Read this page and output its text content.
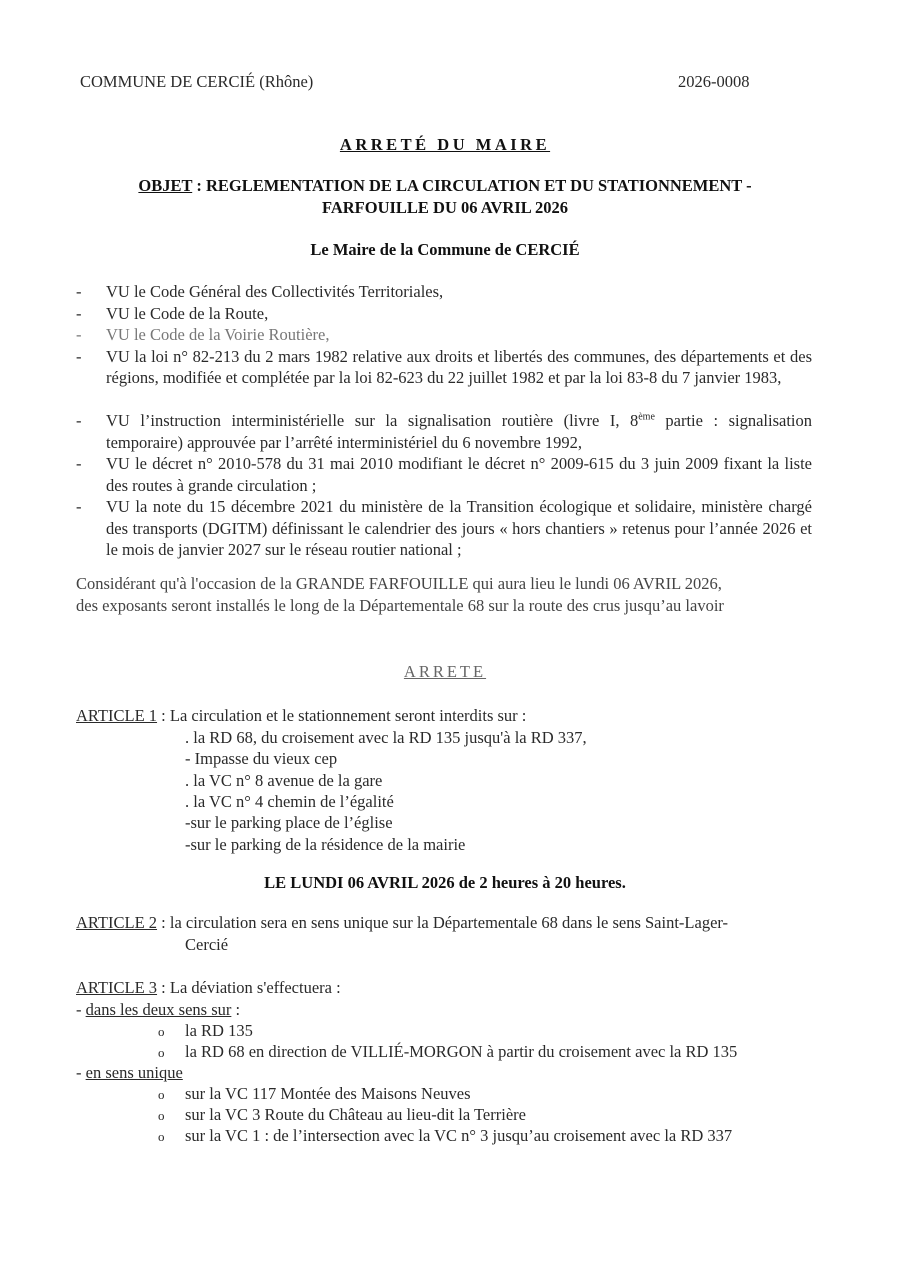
COMMUNE DE CERCIÉ (Rhône)	2026-0008
ARRETÉ DU MAIRE
OBJET : REGLEMENTATION DE LA CIRCULATION ET DU STATIONNEMENT -
FARFOUILLE DU 06 AVRIL 2026
Le Maire de la Commune de CERCIÉ
- VU le Code Général des Collectivités Territoriales,
- VU le Code de la Route,
- VU le Code de la Voirie Routière,
- VU la loi n° 82-213 du 2 mars 1982 relative aux droits et libertés des communes, des départements et des régions, modifiée et complétée par la loi 82-623 du 22 juillet 1982 et par la loi 83-8 du 7 janvier 1983,
- VU l’instruction interministérielle sur la signalisation routière (livre I, 8ème partie : signalisation temporaire) approuvée par l’arrêté interministériel du 6 novembre 1992,
- VU le décret n° 2010-578 du 31 mai 2010 modifiant le décret n° 2009-615 du 3 juin 2009 fixant la liste des routes à grande circulation ;
- VU la note du 15 décembre 2021 du ministère de la Transition écologique et solidaire, ministère chargé des transports (DGITM) définissant le calendrier des jours « hors chantiers » retenus pour l’année 2026 et le mois de janvier 2027 sur le réseau routier national ;
Considérant qu'à l'occasion de la GRANDE FARFOUILLE qui aura lieu le lundi 06 AVRIL 2026,
des exposants seront installés le long de la Départementale 68 sur la route des crus jusqu’au lavoir
ARRETE
ARTICLE 1 : La circulation et le stationnement seront interdits sur :
. la RD 68, du croisement avec la RD 135 jusqu'à la RD 337,
- Impasse du vieux cep
. la VC n° 8 avenue de la gare
. la VC n° 4 chemin de l’égalité
-sur le parking place de l’église
-sur le parking de la résidence de la mairie
LE LUNDI 06 AVRIL 2026 de 2 heures à 20 heures.
ARTICLE 2 : la circulation sera en sens unique sur la Départementale 68 dans le sens Saint-Lager-
Cercié
ARTICLE 3 : La déviation s'effectuera :
- dans les deux sens sur :
o la RD 135
o la RD 68 en direction de VILLIÉ-MORGON à partir du croisement avec la RD 135
- en sens unique
o sur la VC 117 Montée des Maisons Neuves
o sur la VC 3 Route du Château au lieu-dit la Terrière
o sur la VC 1 : de l’intersection avec la VC n° 3 jusqu’au croisement avec la RD 337
